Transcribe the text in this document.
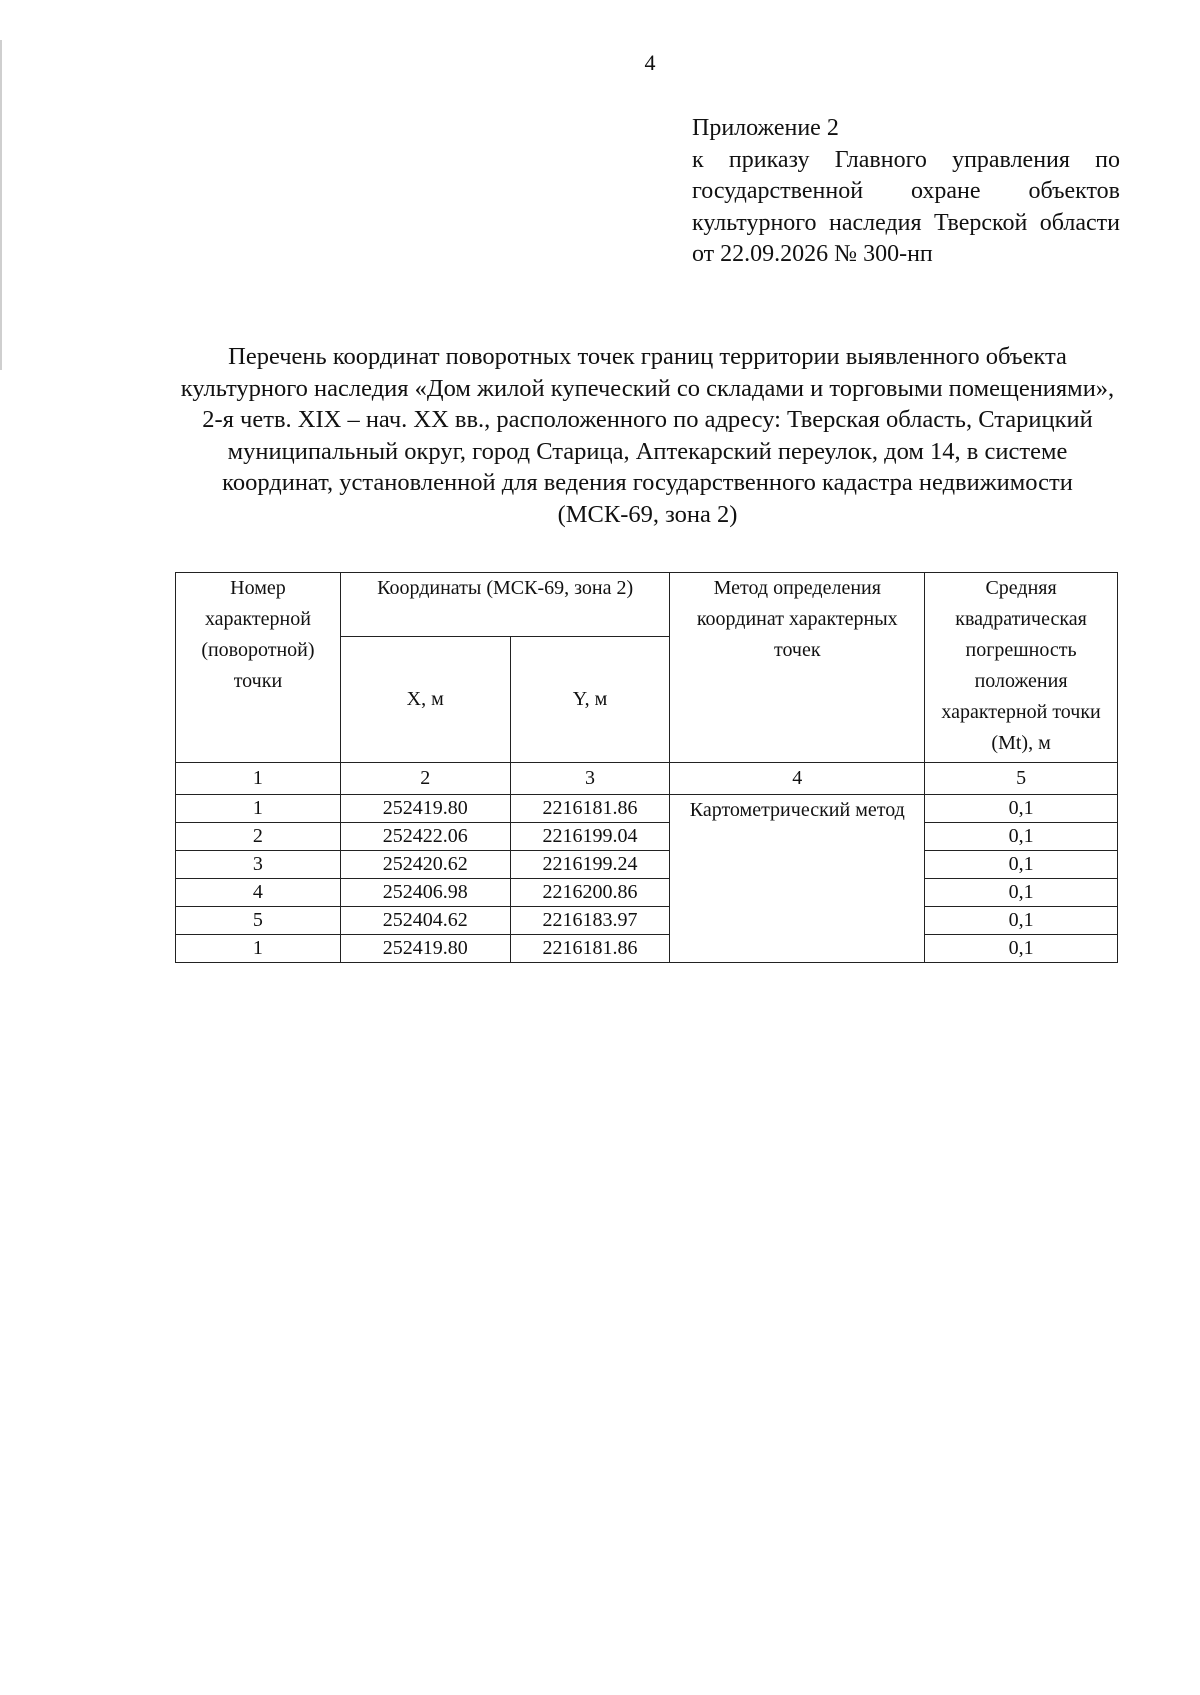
4
Приложение 2
к приказу Главного управления по государственной охране объектов культурного наследия Тверской области от 22.09.2026 № 300-нп
Перечень координат поворотных точек границ территории выявленного объекта культурного наследия «Дом жилой купеческий со складами и торговыми помещениями», 2-я четв. XIX – нач. XX вв., расположенного по адресу: Тверская область, Старицкий муниципальный округ, город Старица, Аптекарский переулок, дом 14, в системе координат, установленной для ведения государственного кадастра недвижимости (МСК-69, зона 2)
Номер характерной (поворотной) точки	Координаты (МСК-69, зона 2)		Метод определения координат характерных точек	Средняя квадратическая погрешность положения характерной точки (Mt), м
	X, м	Y, м		
1	2	3	4	5
1	252419.80	2216181.86	Картометрический метод	0,1
2	252422.06	2216199.04		0,1
3	252420.62	2216199.24		0,1
4	252406.98	2216200.86		0,1
5	252404.62	2216183.97		0,1
1	252419.80	2216181.86		0,1
